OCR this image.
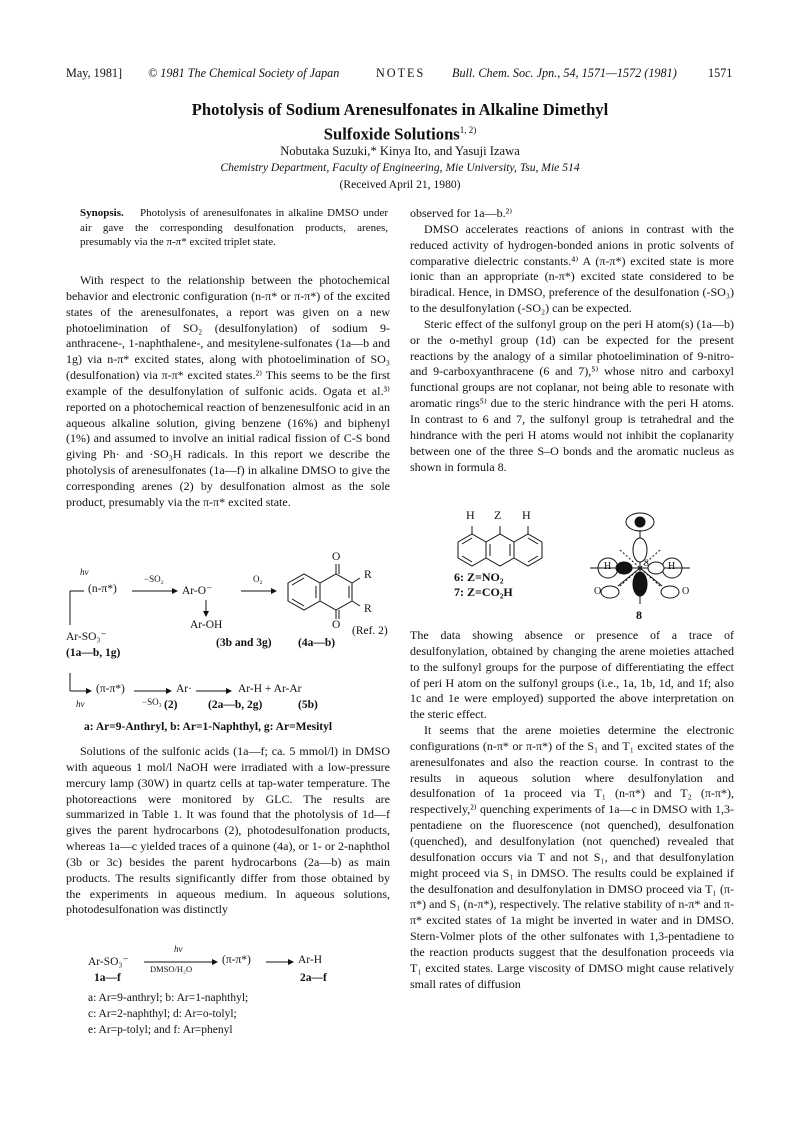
May, 1981] © 1981 The Chemical Society of Japan	NOTES Bull. Chem. Soc. Jpn., 54, 1571—1572 (1981)	1571
Photolysis of Sodium Arenesulfonates in Alkaline Dimethyl
Sulfoxide Solutions$^{1, 2)}$
Nobutaka Suzuki,* Kinya Ito, and Yasuji Izawa
Chemistry Department, Faculty of Engineering, Mie University, Tsu, Mie 514
(Received April 21, 1980)
Synopsis. Photolysis of arenesulfonates in alkaline DMSO under air gave the corresponding desulfonation products, arenes, presumably via the π-π* excited triplet state.

With respect to the relationship between the photochemical behavior and electronic configuration (n-π* or π-π*) of the excited states of the arenesulfonates, a report was given on a new photoelimination of SO₂ (desulfonylation) of sodium 9-anthracene-, 1-naphthalene-, and mesitylene-sulfonates (1a—b and 1g) via n-π* excited states, along with photoelimination of SO₃ (desulfonation) via π-π* excited states.²⁾ This seems to be the first example of the desulfonylation of sulfonic acids. Ogata et al.³⁾ reported on a photochemical reaction of benzenesulfonic acid in an aqueous alkaline solution, giving benzene (16%) and biphenyl (1%) and assumed to involve an initial radical fission of C-S bond giving Ph· and ·SO₃H radicals. In this report we describe the photolysis of arenesulfonates (1a—f) in alkaline DMSO to give the corresponding arenes (2) by desulfonation almost as the sole product, presumably via the π-π* excited state.

hν
(n-π*)
−SO₂
Ar-O⁻
O₂
O
R
R
O
Ar-OH
Ar-SO₃⁻	(Ref. 2)
(3b and 3g) (4a—b)
(1a—b, 1g)
(π-π*)
hν	−SO₃
Ar·	Ar-H + Ar-Ar
(2)	(2a—b, 2g)	(5b)
a: Ar=9-Anthryl, b: Ar=1-Naphthyl, g: Ar=Mesityl

Solutions of the sulfonic acids (1a—f; ca. 5 mmol/l) in DMSO with aqueous 1 mol/l NaOH were irradiated with a low-pressure mercury lamp (30W) in quartz cells at tap-water temperature. The photoreactions were monitored by GLC. The results are summarized in Table 1. It was found that the photolysis of 1d—f gives the parent hydrocarbons (2), photodesulfonation products, whereas 1a—c yielded traces of a quinone (4a), or 1- or 2-naphthol (3b or 3c) besides the parent hydrocarbons (2a—b) as main products. The results significantly differ from those obtained by the experiments in aqueous medium. In aqueous solutions, photodesulfonation was distinctly

Ar-SO₃⁻
hν
DMSO/H₂O
(π-π*)	Ar-H
1a—f	2a—f
a: Ar=9-anthryl; b: Ar=1-naphthyl;
c: Ar=2-naphthyl; d: Ar=o-tolyl;
e: Ar=p-tolyl; and f: Ar=phenyl

observed for 1a—b.²⁾

DMSO accelerates reactions of anions in contrast with the reduced activity of hydrogen-bonded anions in protic solvents of comparative dielectric constants.⁴⁾ A (π-π*) excited state is more ionic than an appropriate (n-π*) excited state considered to be biradical. Hence, in DMSO, preference of the desulfonation (-SO₃) to the desulfonylation (-SO₂) can be expected.

Steric effect of the sulfonyl group on the peri H atom(s) (1a—b) or the o-methyl group (1d) can be expected for the present reactions by the analogy of a similar photoelimination of 9-nitro- and 9-carboxyanthracene (6 and 7),⁵⁾ whose nitro and carboxyl functional groups are not coplanar, not being able to resonate with aromatic rings⁵⁾ due to the steric hindrance with the peri H atoms. In contrast to 6 and 7, the sulfonyl group is tetrahedral and the hindrance with the peri H atoms would not inhibit the coplanarity between one of the three S–O bonds and the aromatic nucleus as shown in formula 8.

H Z H
6: Z=NO₂
7: Z=CO₂H
H	H
S
O	O
8

The data showing absence or presence of a trace of desulfonylation, obtained by changing the arene moieties attached to the sulfonyl groups for the purpose of differentiating the effect of peri H atom on the sulfonyl groups (i.e., 1a, 1b, 1d, and 1f; also 1c and 1e were employed) supported the above interpretation on the steric effect.

It seems that the arene moieties determine the electronic configurations (n-π* or π-π*) of the S₁ and T₁ excited states of the arenesulfonates and also the reaction course. In contrast to the results in aqueous solution where desulfonylation and desulfonation of 1a proceed via T₁ (n-π*) and T₂ (π-π*), respectively,²⁾ quenching experiments of 1a—c in DMSO with 1,3-pentadiene on the fluorescence (not quenched), desulfonation (quenched), and desulfonylation (not quenched) revealed that desulfonation occurs via T and not S₁, and that desulfonylation might proceed via S₁ in DMSO. The results could be explained if the desulfonation and desulfonylation in DMSO proceed via T₁ (π-π*) and S₁ (n-π*), respectively. The relative stability of n-π* and π-π* excited states of 1a might be inverted in water and in DMSO. Stern-Volmer plots of the other sulfonates with 1,3-pentadiene to the reaction products suggest that the desulfonation proceeds via T₁ excited states. Large viscosity of DMSO might cause relatively small rates of diffusion
